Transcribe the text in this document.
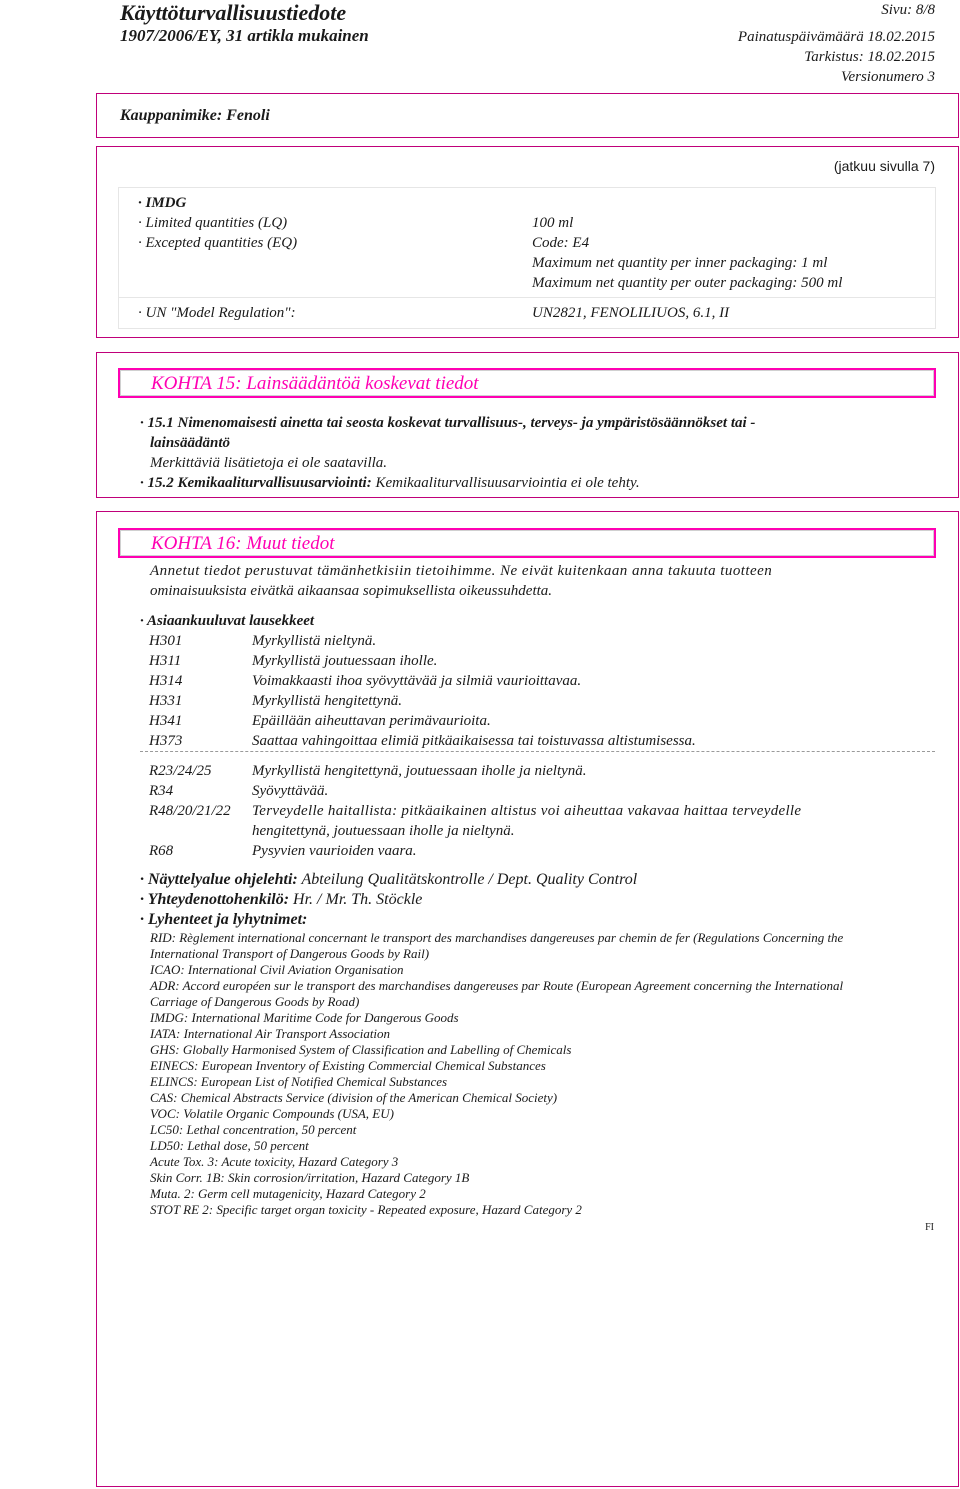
Käyttöturvallisuustiedote
1907/2006/EY, 31 artikla mukainen
Sivu: 8/8
Painatuspäivämäärä 18.02.2015
Tarkistus: 18.02.2015
Versionumero 3
Kauppanimike: Fenoli
(jatkuu sivulla 7)
· IMDG
· Limited quantities (LQ)	100 ml
· Excepted quantities (EQ)	Code: E4
Maximum net quantity per inner packaging: 1 ml
Maximum net quantity per outer packaging: 500 ml
· UN "Model Regulation":	UN2821, FENOLILIUOS, 6.1, II
KOHTA 15: Lainsäädäntöä koskevat tiedot
· 15.1 Nimenomaisesti ainetta tai seosta koskevat turvallisuus-, terveys- ja ympäristösäännökset tai -
lainsäädäntö
Merkittäviä lisätietoja ei ole saatavilla.
· 15.2 Kemikaaliturvallisuusarviointi: Kemikaaliturvallisuusarviointia ei ole tehty.
KOHTA 16: Muut tiedot
Annetut tiedot perustuvat tämänhetkisiin tietoihimme. Ne eivät kuitenkaan anna takuuta tuotteen
ominaisuuksista eivätkä aikaansaa sopimuksellista oikeussuhdetta.
· Asiaankuuluvat lausekkeet
H301	Myrkyllistä nieltynä.
H311	Myrkyllistä joutuessaan iholle.
H314	Voimakkaasti ihoa syövyttävää ja silmiä vaurioittavaa.
H331	Myrkyllistä hengitettynä.
H341	Epäillään aiheuttavan perimävaurioita.
H373	Saattaa vahingoittaa elimiä pitkäaikaisessa tai toistuvassa altistumisessa.
R23/24/25	Myrkyllistä hengitettynä, joutuessaan iholle ja nieltynä.
R34	Syövyttävää.
R48/20/21/22	Terveydelle haitallista: pitkäaikainen altistus voi aiheuttaa vakavaa haittaa terveydelle
hengitettynä, joutuessaan iholle ja nieltynä.
R68	Pysyvien vaurioiden vaara.
· Näyttelyalue ohjelehti: Abteilung Qualitätskontrolle / Dept. Quality Control
· Yhteydenottohenkilö: Hr. / Mr. Th. Stöckle
· Lyhenteet ja lyhytnimet:
RID: Règlement international concernant le transport des marchandises dangereuses par chemin de fer (Regulations Concerning the
International Transport of Dangerous Goods by Rail)
ICAO: International Civil Aviation Organisation
ADR: Accord européen sur le transport des marchandises dangereuses par Route (European Agreement concerning the International
Carriage of Dangerous Goods by Road)
IMDG: International Maritime Code for Dangerous Goods
IATA: International Air Transport Association
GHS: Globally Harmonised System of Classification and Labelling of Chemicals
EINECS: European Inventory of Existing Commercial Chemical Substances
ELINCS: European List of Notified Chemical Substances
CAS: Chemical Abstracts Service (division of the American Chemical Society)
VOC: Volatile Organic Compounds (USA, EU)
LC50: Lethal concentration, 50 percent
LD50: Lethal dose, 50 percent
Acute Tox. 3: Acute toxicity, Hazard Category 3
Skin Corr. 1B: Skin corrosion/irritation, Hazard Category 1B
Muta. 2: Germ cell mutagenicity, Hazard Category 2
STOT RE 2: Specific target organ toxicity - Repeated exposure, Hazard Category 2
FI
